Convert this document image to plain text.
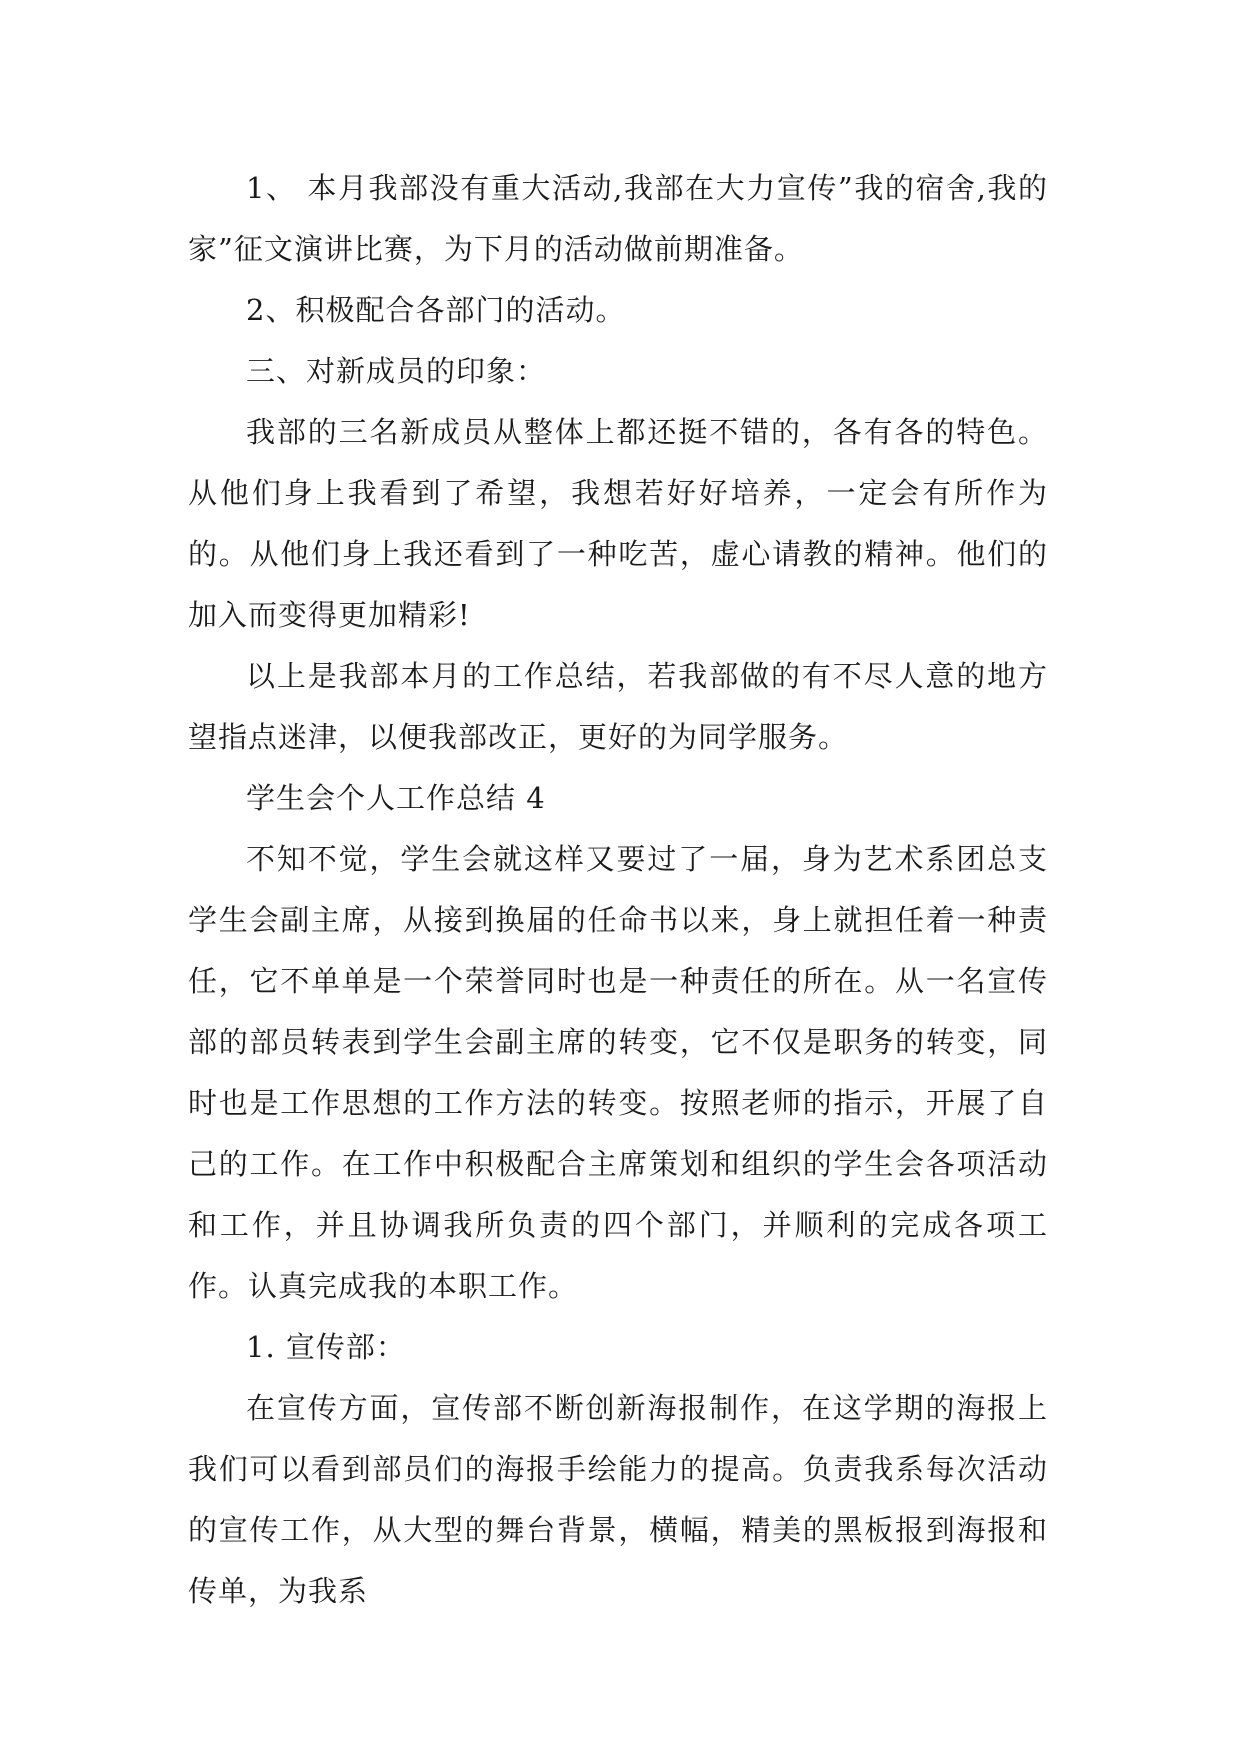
1、 本月我部没有重大活动,我部在大力宣传”我的宿舍,我的家”征文演讲比赛，为下月的活动做前期准备。

2、积极配合各部门的活动。

三、对新成员的印象：

我部的三名新成员从整体上都还挺不错的，各有各的特色。从他们身上我看到了希望，我想若好好培养，一定会有所作为的。从他们身上我还看到了一种吃苦，虚心请教的精神。他们的加入而变得更加精彩!

以上是我部本月的工作总结，若我部做的有不尽人意的地方望指点迷津，以便我部改正，更好的为同学服务。

学生会个人工作总结 4

不知不觉，学生会就这样又要过了一届，身为艺术系团总支学生会副主席，从接到换届的任命书以来，身上就担任着一种责任，它不单单是一个荣誉同时也是一种责任的所在。从一名宣传部的部员转表到学生会副主席的转变，它不仅是职务的转变，同时也是工作思想的工作方法的转变。按照老师的指示，开展了自己的工作。在工作中积极配合主席策划和组织的学生会各项活动和工作，并且协调我所负责的四个部门，并顺利的完成各项工作。认真完成我的本职工作。

1. 宣传部：

在宣传方面，宣传部不断创新海报制作，在这学期的海报上我们可以看到部员们的海报手绘能力的提高。负责我系每次活动的宣传工作，从大型的舞台背景，横幅，精美的黑板报到海报和传单，为我系
